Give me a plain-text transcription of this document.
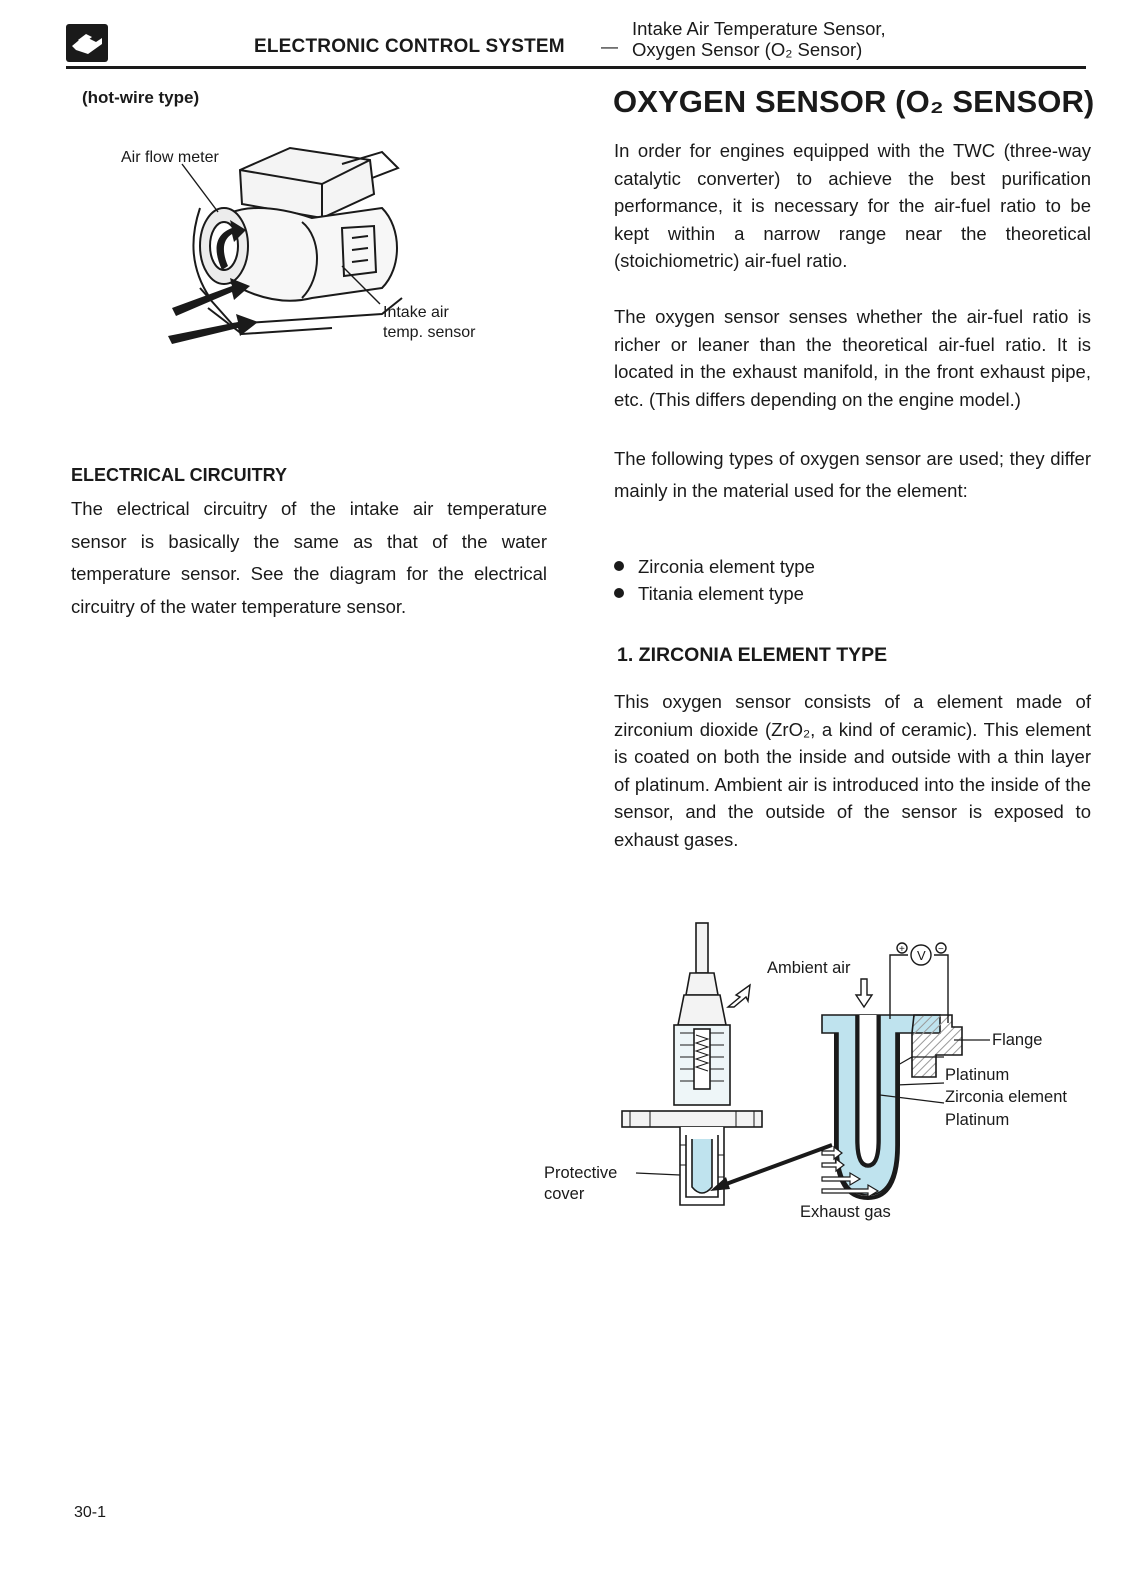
ELECTRONIC CONTROL SYSTEM —
Intake Air Temperature Sensor,
Oxygen Sensor (O₂ Sensor)
(hot-wire type)
Air flow meter
Intake air
temp. sensor
ELECTRICAL CIRCUITRY

The electrical circuitry of the intake air temperature sensor is basically the same as that of the water temperature sensor. See the diagram for the electrical circuitry of the water temperature sensor.

OXYGEN SENSOR (O₂ SENSOR)

In order for engines equipped with the TWC (three-way catalytic converter) to achieve the best purification performance, it is necessary for the air-fuel ratio to be kept within a narrow range near the theoretical (stoichiometric) air-fuel ratio.

The oxygen sensor senses whether the air-fuel ratio is richer or leaner than the theoretical air-fuel ratio. It is located in the exhaust manifold, in the front exhaust pipe, etc. (This differs depending on the engine model.)

The following types of oxygen sensor are used; they differ mainly in the material used for the element:

Zirconia element type
Titania element type
1. ZIRCONIA ELEMENT TYPE

This oxygen sensor consists of a element made of zirconium dioxide (ZrO₂, a kind of ceramic). This element is coated on both the inside and outside with a thin layer of platinum. Ambient air is introduced into the inside of the sensor, and the outside of the sensor is exposed to exhaust gases.

V
+	−
Ambient air
Flange
Platinum
Zirconia element
Platinum
Protective
cover
Exhaust gas
30-1
